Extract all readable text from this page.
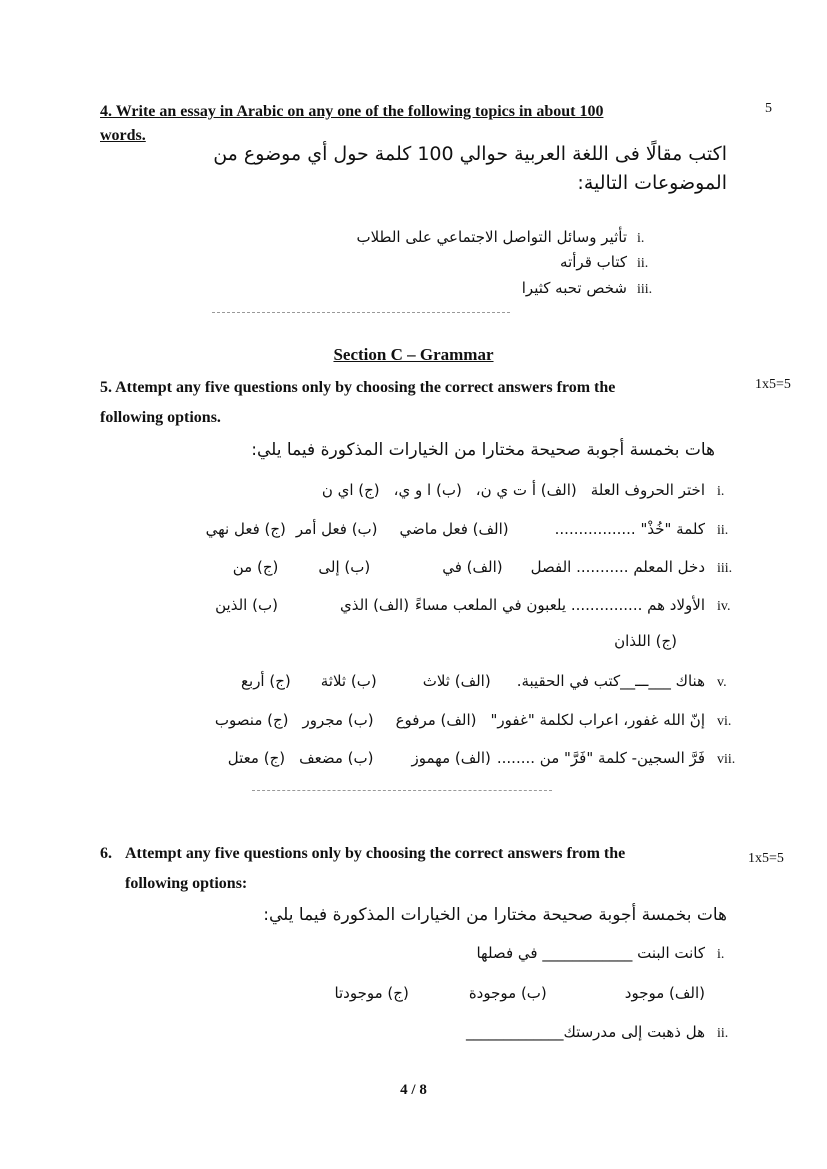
5
4. Write an essay in Arabic on any one of the following topics in about 100
words.
اكتب مقالًا فى اللغة العربية حوالي 100 كلمة حول أي موضوع من
الموضوعات التالية:
i.
تأثير وسائل التواصل الاجتماعي على الطلاب
ii.
كتاب قرأته
iii.
شخص تحبه كثيرا
Section C – Grammar
1x5=5
5. Attempt any five questions only by choosing the correct answers from the
following options.
هات بخمسة أجوبة صحيحة مختارا من الخيارات المذكورة فيما يلي:
i.
اختر الحروف العلة
(الف) أ ت ي ن،
(ب) ا و ي،
(ج) اي ن
ii.
كلمة "خُذْ" .................
(الف) فعل ماضي
(ب) فعل أمر
(ج) فعل نهي
iii.
دخل المعلم ........... الفصل
(الف) في
(ب) إلى
(ج) من
iv.
الأولاد هم ............... يلعبون في الملعب مساءً
(الف) الذي
(ب) الذين
(ج) اللذان
v.
هناك ___ـــ__كتب في الحقيبة.
(الف) ثلاث
(ب) ثلاثة
(ج) أربع
vi.
إنّ الله غفور، اعراب لكلمة "غفور"
(الف) مرفوع
(ب) مجرور
(ج) منصوب
vii.
فَرَّ السجين- كلمة "فَرَّ" من ........
(الف) مهموز
(ب) مضعف
(ج) معتل
1x5=5
6. Attempt any five questions only by choosing the correct answers from the
following options:
هات بخمسة أجوبة صحيحة مختارا من الخيارات المذكورة فيما يلي:
i.
كانت البنت ____________ في فصلها
(الف) موجود
(ب) موجودة
(ج) موجودتا
ii.
هل ذهبت إلى مدرستك_____________
4 / 8
